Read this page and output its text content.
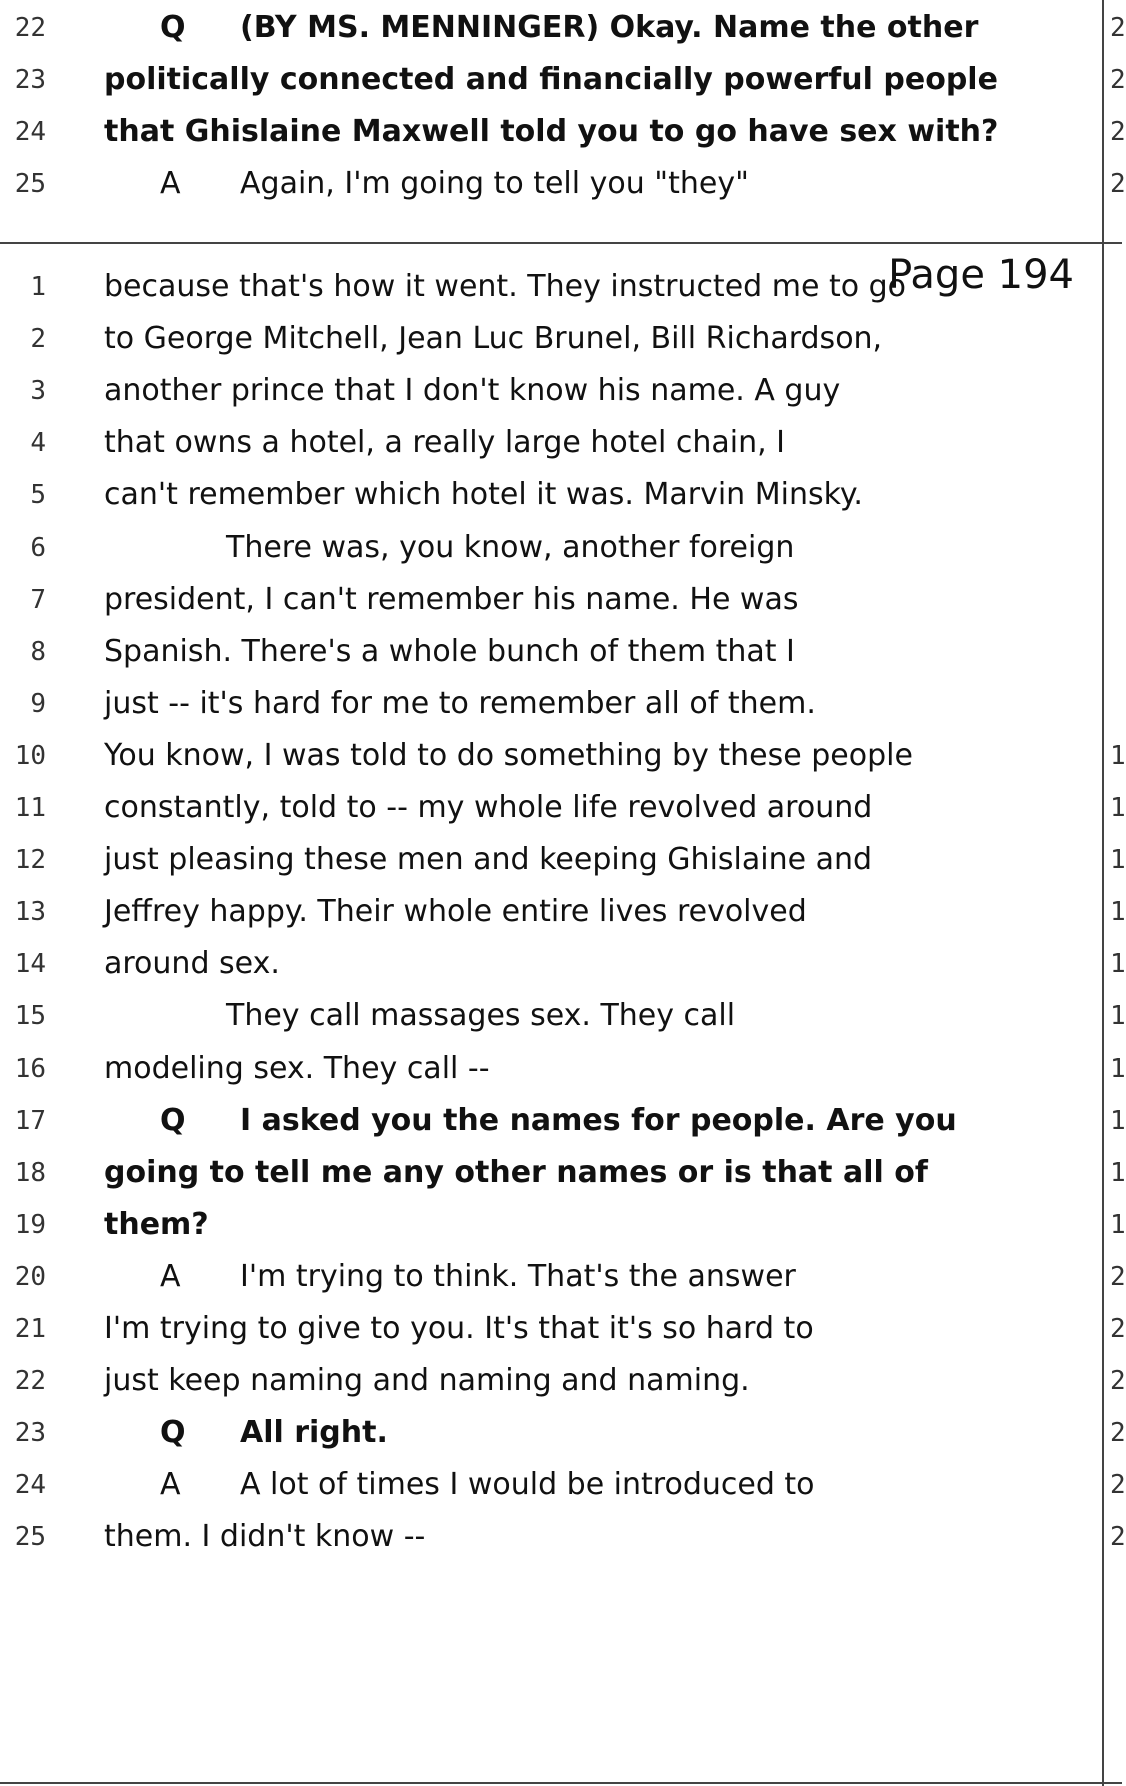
22	Q (BY MS. MENNINGER) Okay. Name the other	2
23 politically connected and financially powerful people	2
24 that Ghislaine Maxwell told you to go have sex with?	2
25	A Again, I'm going to tell you "they"	2
Page 194
1 because that's how it went. They instructed me to go
2 to George Mitchell, Jean Luc Brunel, Bill Richardson,
3 another prince that I don't know his name. A guy
4 that owns a hotel, a really large hotel chain, I
5 can't remember which hotel it was. Marvin Minsky.
6	There was, you know, another foreign
7 president, I can't remember his name. He was
8 Spanish. There's a whole bunch of them that I
9 just -- it's hard for me to remember all of them.
10 You know, I was told to do something by these people	1
11 constantly, told to -- my whole life revolved around	1
12 just pleasing these men and keeping Ghislaine and	1
13 Jeffrey happy. Their whole entire lives revolved	1
14 around sex.	1
15	They call massages sex. They call	1
16 modeling sex. They call --	1
17	Q I asked you the names for people. Are you	1
18 going to tell me any other names or is that all of	1
19 them?	1
20	A I'm trying to think. That's the answer	2
21 I'm trying to give to you. It's that it's so hard to	2
22 just keep naming and naming and naming.	2
23	Q All right.	2
24	A A lot of times I would be introduced to	2
25 them. I didn't know --	2
